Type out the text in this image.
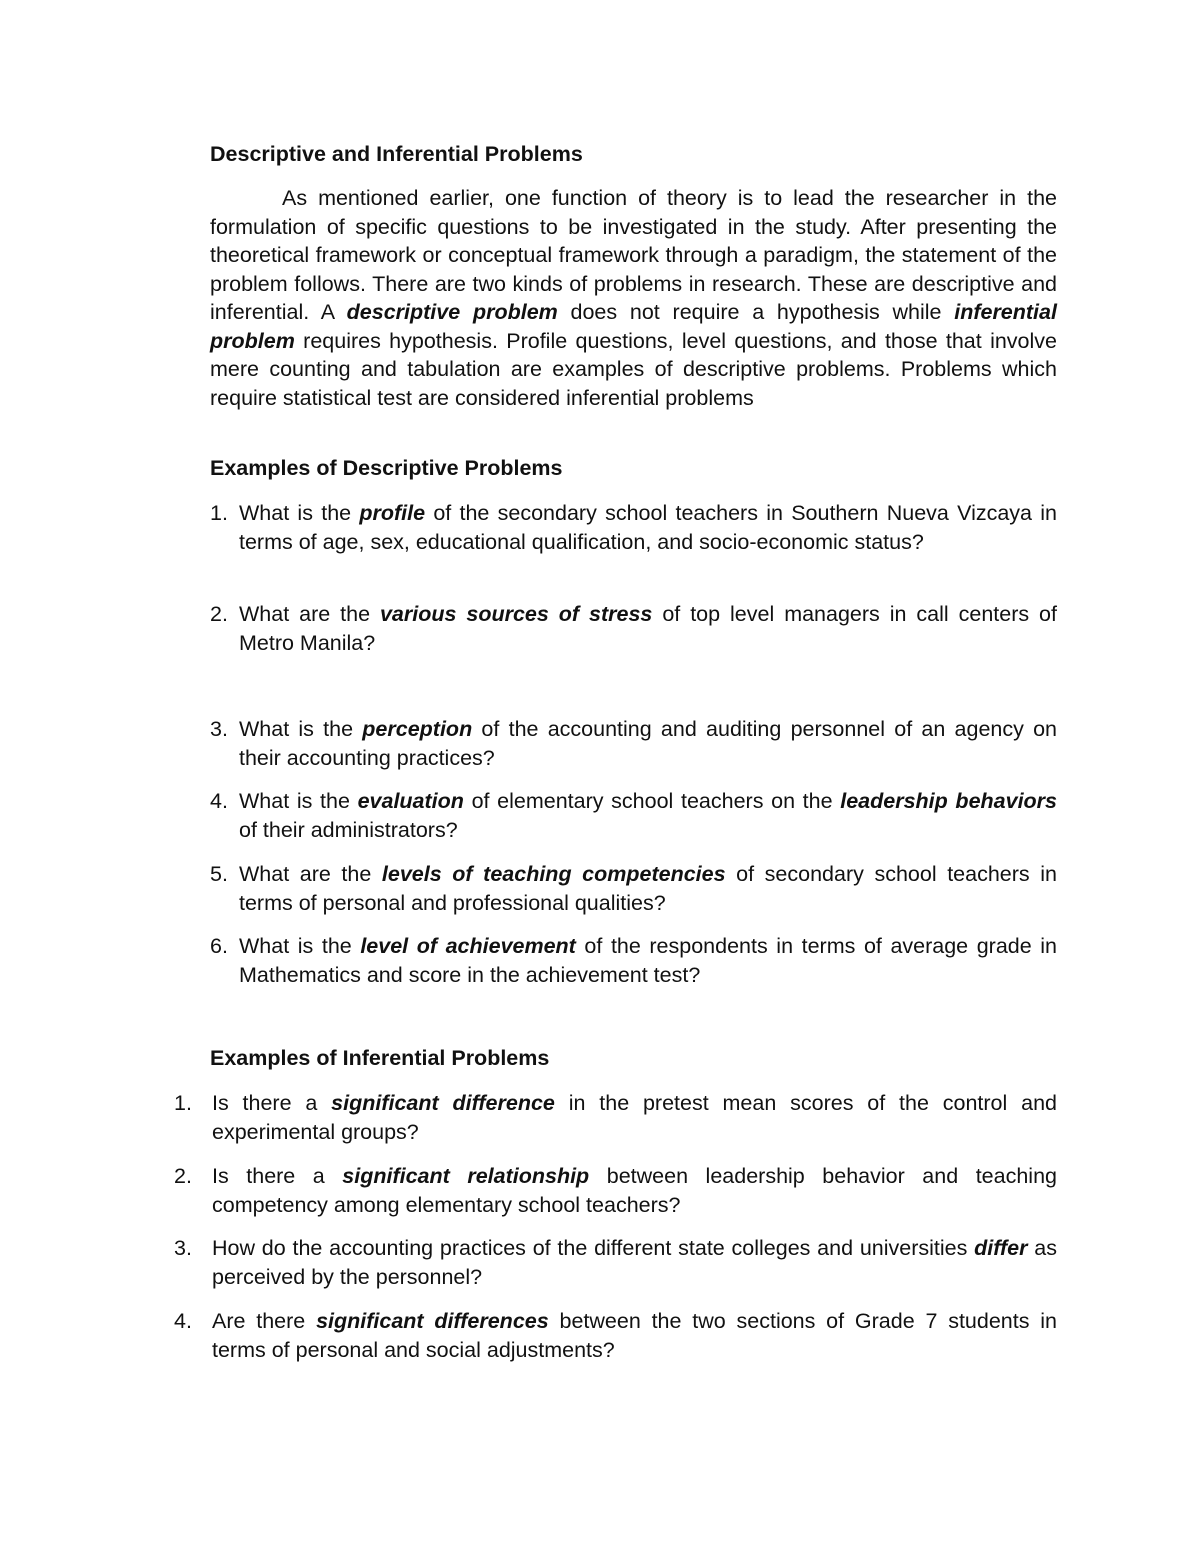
Descriptive and Inferential Problems

As mentioned earlier, one function of theory is to lead the researcher in the formulation of specific questions to be investigated in the study. After presenting the theoretical framework or conceptual framework through a paradigm, the statement of the problem follows. There are two kinds of problems in research. These are descriptive and inferential. A descriptive problem does not require a hypothesis while inferential problem requires hypothesis. Profile questions, level questions, and those that involve mere counting and tabulation are examples of descriptive problems. Problems which require statistical test are considered inferential problems

Examples of Descriptive Problems
1. What is the profile of the secondary school teachers in Southern Nueva Vizcaya in terms of age, sex, educational qualification, and socio-economic status?
2. What are the various sources of stress of top level managers in call centers of Metro Manila?
3. What is the perception of the accounting and auditing personnel of an agency on their accounting practices?
4. What is the evaluation of elementary school teachers on the leadership behaviors of their administrators?
5. What are the levels of teaching competencies of secondary school teachers in terms of personal and professional qualities?
6. What is the level of achievement of the respondents in terms of average grade in Mathematics and score in the achievement test?
Examples of Inferential Problems
1. Is there a significant difference in the pretest mean scores of the control and experimental groups?
2. Is there a significant relationship between leadership behavior and teaching competency among elementary school teachers?
3. How do the accounting practices of the different state colleges and universities differ as perceived by the personnel?
4. Are there significant differences between the two sections of Grade 7 students in terms of personal and social adjustments?
